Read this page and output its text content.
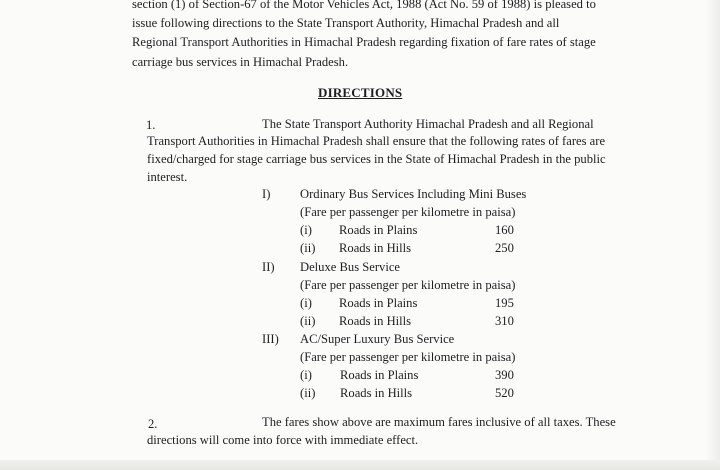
section (1) of Section-67 of the Motor Vehicles Act, 1988 (Act No. 59 of 1988) is pleased to
issue following directions to the State Transport Authority, Himachal Pradesh and all
Regional Transport Authorities in Himachal Pradesh regarding fixation of fare rates of stage
carriage bus services in Himachal Pradesh.
DIRECTIONS
1.	The State Transport Authority Himachal Pradesh and all Regional
Transport Authorities in Himachal Pradesh shall ensure that the following rates of fares are
fixed/charged for stage carriage bus services in the State of Himachal Pradesh in the public
interest.
I) Ordinary Bus Services Including Mini Buses
(Fare per passenger per kilometre in paisa)
(i) Roads in Plains	160
(ii) Roads in Hills	250
II) Deluxe Bus Service
(Fare per passenger per kilometre in paisa)
(i) Roads in Plains	195
(ii) Roads in Hills	310
III) AC/Super Luxury Bus Service
(Fare per passenger per kilometre in paisa)
(i) Roads in Plains	390
(ii) Roads in Hills	520
2.	The fares show above are maximum fares inclusive of all taxes. These
directions will come into force with immediate effect.
